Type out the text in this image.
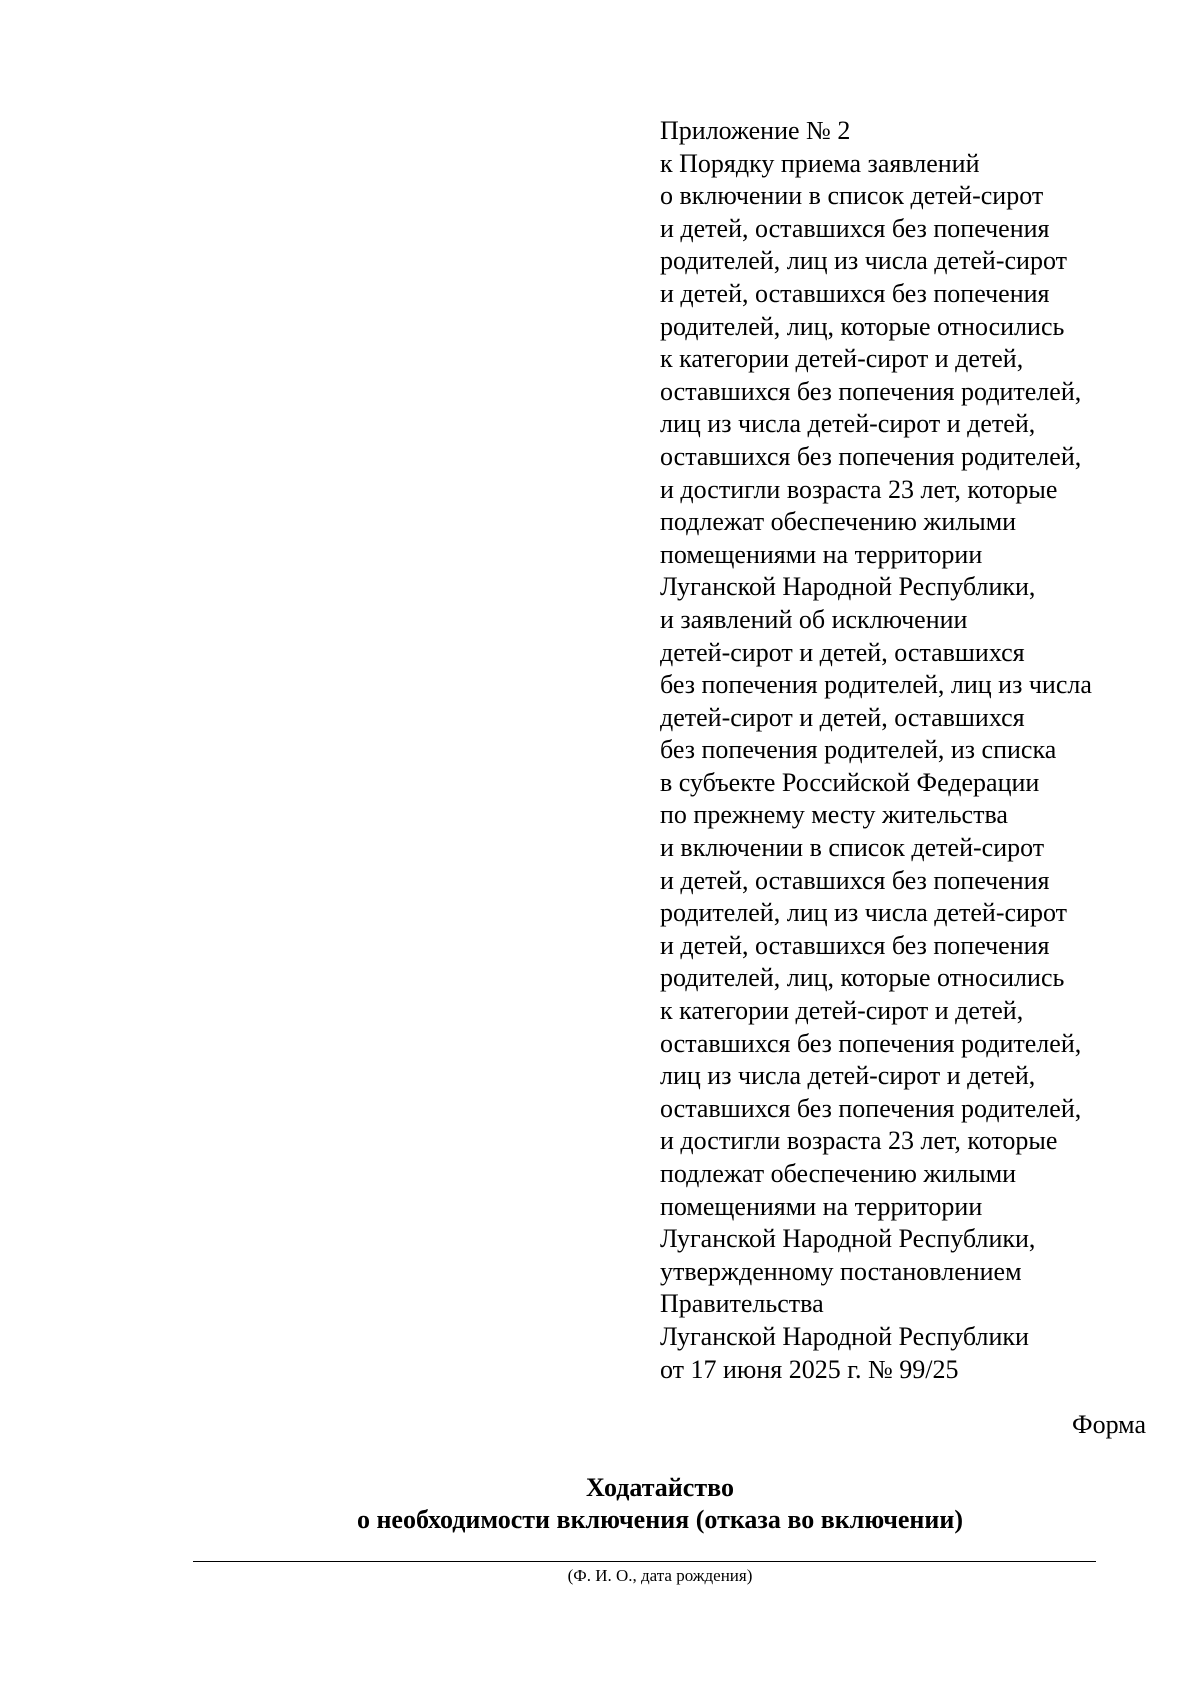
Приложение № 2
к Порядку приема заявлений
о включении в список детей-сирот
и детей, оставшихся без попечения
родителей, лиц из числа детей-сирот
и детей, оставшихся без попечения
родителей, лиц, которые относились
к категории детей-сирот и детей,
оставшихся без попечения родителей,
лиц из числа детей-сирот и детей,
оставшихся без попечения родителей,
и достигли возраста 23 лет, которые
подлежат обеспечению жилыми
помещениями на территории
Луганской Народной Республики,
и заявлений об исключении
детей-сирот и детей, оставшихся
без попечения родителей, лиц из числа
детей-сирот и детей, оставшихся
без попечения родителей, из списка
в субъекте Российской Федерации
по прежнему месту жительства
и включении в список детей-сирот
и детей, оставшихся без попечения
родителей, лиц из числа детей-сирот
и детей, оставшихся без попечения
родителей, лиц, которые относились
к категории детей-сирот и детей,
оставшихся без попечения родителей,
лиц из числа детей-сирот и детей,
оставшихся без попечения родителей,
и достигли возраста 23 лет, которые
подлежат обеспечению жилыми
помещениями на территории
Луганской Народной Республики,
утвержденному постановлением
Правительства
Луганской Народной Республики
от 17 июня 2025 г. № 99/25
Форма
Ходатайство
о необходимости включения (отказа во включении)
(Ф. И. О., дата рождения)
